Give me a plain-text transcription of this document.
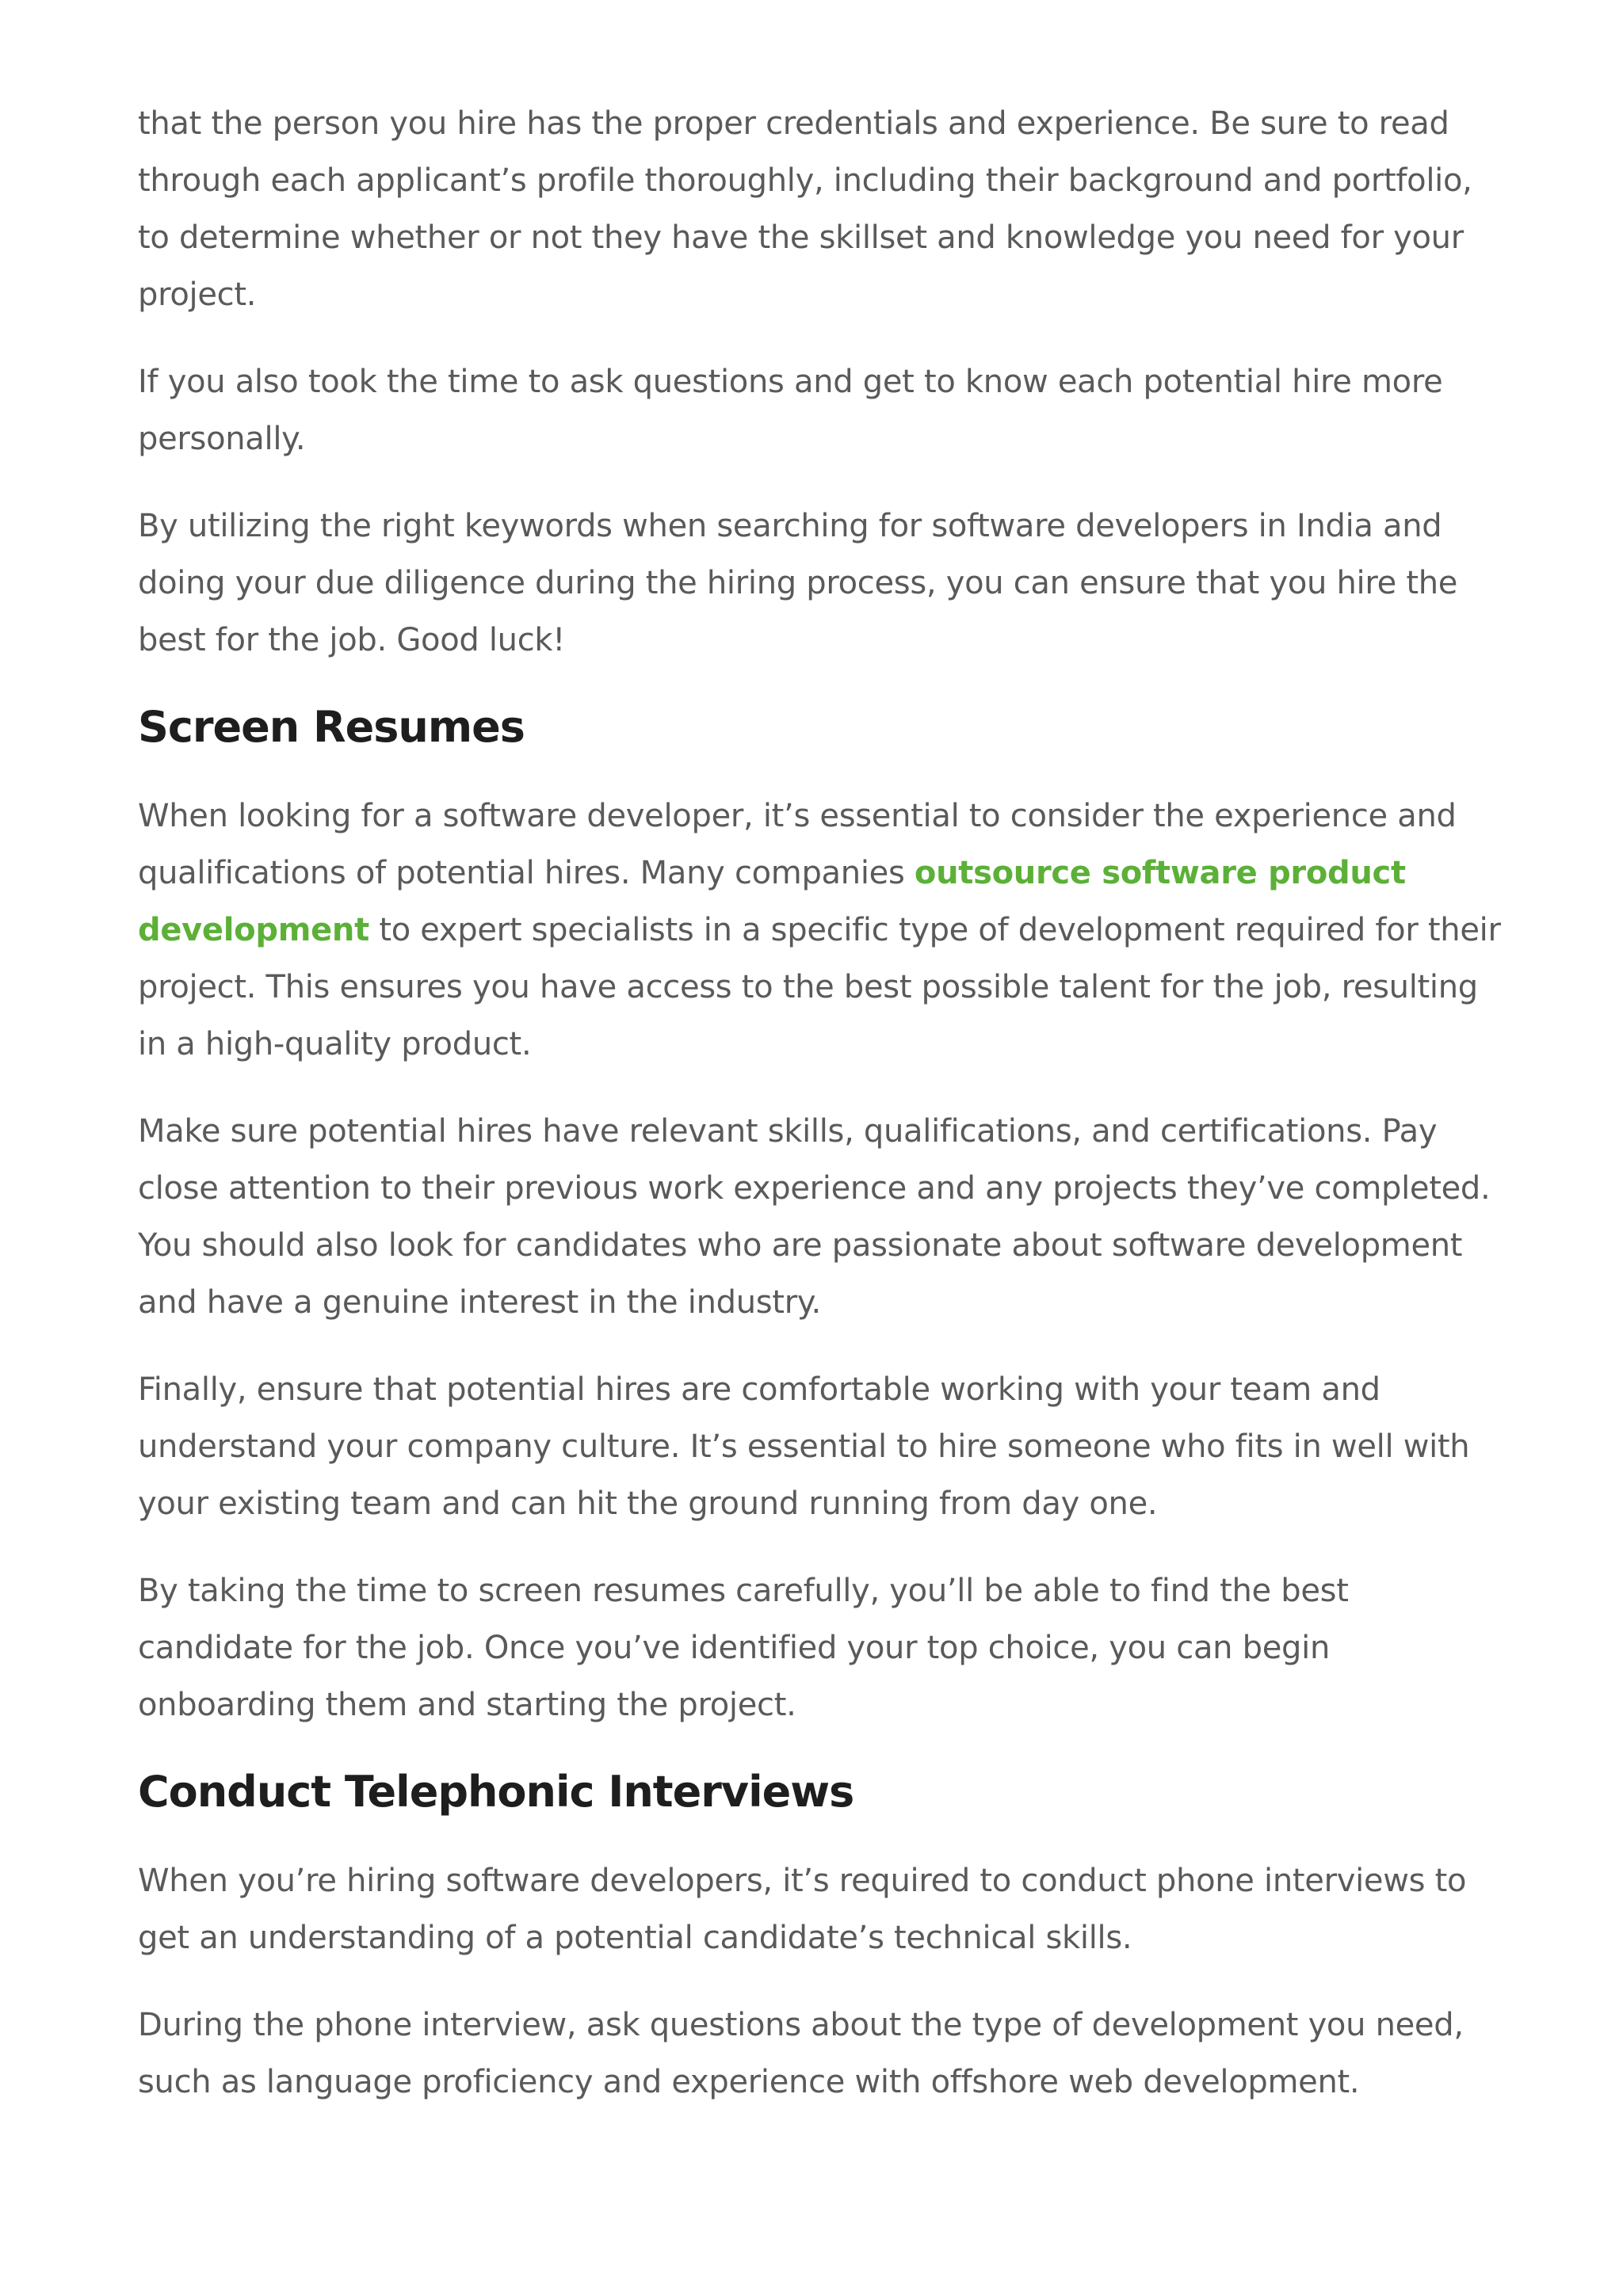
that the person you hire has the proper credentials and experience. Be sure to read through each applicant’s profile thoroughly, including their background and portfolio, to determine whether or not they have the skillset and knowledge you need for your project.

If you also took the time to ask questions and get to know each potential hire more personally.

By utilizing the right keywords when searching for software developers in India and doing your due diligence during the hiring process, you can ensure that you hire the best for the job. Good luck!

Screen Resumes

When looking for a software developer, it’s essential to consider the experience and qualifications of potential hires. Many companies outsource software product development to expert specialists in a specific type of development required for their project. This ensures you have access to the best possible talent for the job, resulting in a high-quality product.

Make sure potential hires have relevant skills, qualifications, and certifications. Pay close attention to their previous work experience and any projects they’ve completed. You should also look for candidates who are passionate about software development and have a genuine interest in the industry.

Finally, ensure that potential hires are comfortable working with your team and understand your company culture. It’s essential to hire someone who fits in well with your existing team and can hit the ground running from day one.

By taking the time to screen resumes carefully, you’ll be able to find the best candidate for the job. Once you’ve identified your top choice, you can begin onboarding them and starting the project.

Conduct Telephonic Interviews

When you’re hiring software developers, it’s required to conduct phone interviews to get an understanding of a potential candidate’s technical skills.

During the phone interview, ask questions about the type of development you need, such as language proficiency and experience with offshore web development.
